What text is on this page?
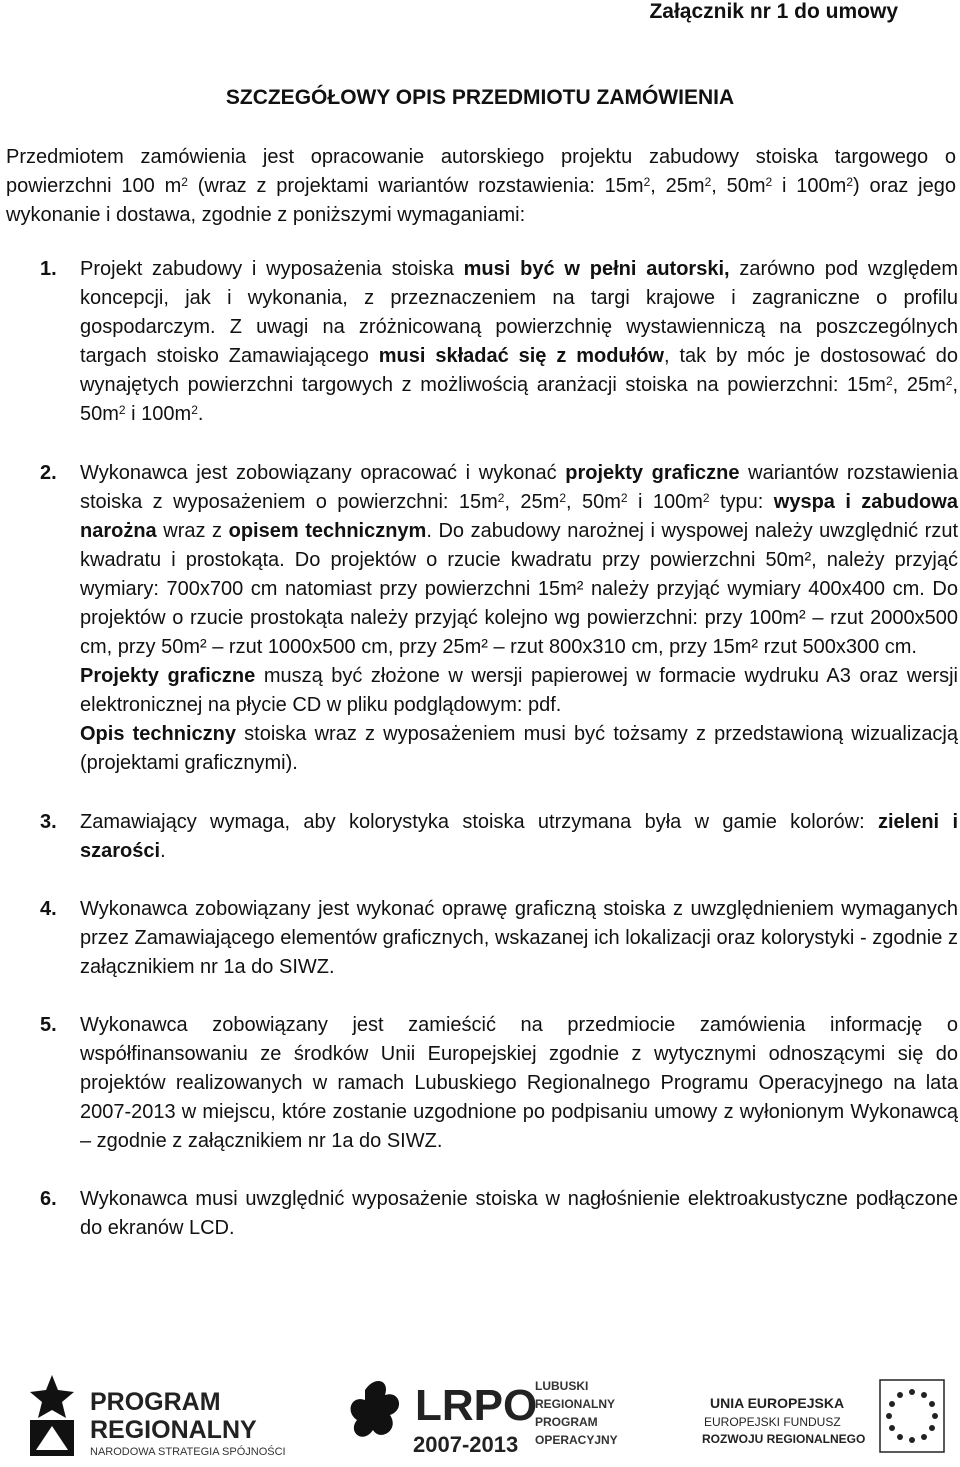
Załącznik nr 1 do umowy
SZCZEGÓŁOWY OPIS PRZEDMIOTU ZAMÓWIENIA
Przedmiotem zamówienia jest opracowanie autorskiego projektu zabudowy stoiska targowego o powierzchni 100 $m^2$ (wraz z projektami wariantów rozstawienia: $15m^2$, $25m^2$, $50m^2$ i $100m^2$) oraz jego wykonanie i dostawa, zgodnie z poniższymi wymaganiami:
1. Projekt zabudowy i wyposażenia stoiska musi być w pełni autorski, zarówno pod względem koncepcji, jak i wykonania, z przeznaczeniem na targi krajowe i zagraniczne o profilu gospodarczym. Z uwagi na zróżnicowaną powierzchnię wystawienniczą na poszczególnych targach stoisko Zamawiającego musi składać się z modułów, tak by móc je dostosować do wynajętych powierzchni targowych z możliwością aranżacji stoiska na powierzchni: $15m^2$, $25m^2$, $50m^2$ i $100m^2$.

2. Wykonawca jest zobowiązany opracować i wykonać projekty graficzne wariantów rozstawienia stoiska z wyposażeniem o powierzchni: $15m^2$, $25m^2$, $50m^2$ i $100m^2$ typu: wyspa i zabudowa narożna wraz z opisem technicznym. Do zabudowy narożnej i wyspowej należy uwzględnić rzut kwadratu i prostokąta. Do projektów o rzucie kwadratu przy powierzchni 50m², należy przyjąć wymiary: 700x700 cm natomiast przy powierzchni 15m² należy przyjąć wymiary 400x400 cm. Do projektów o rzucie prostokąta należy przyjąć kolejno wg powierzchni: przy 100m² – rzut 2000x500 cm, przy 50m² – rzut 1000x500 cm, przy 25m² – rzut 800x310 cm, przy 15m² rzut 500x300 cm.

Projekty graficzne muszą być złożone w wersji papierowej w formacie wydruku A3 oraz wersji elektronicznej na płycie CD w pliku podglądowym: pdf.

Opis techniczny stoiska wraz z wyposażeniem musi być tożsamy z przedstawioną wizualizacją (projektami graficznymi).

3. Zamawiający wymaga, aby kolorystyka stoiska utrzymana była w gamie kolorów: zieleni i szarości.

4. Wykonawca zobowiązany jest wykonać oprawę graficzną stoiska z uwzględnieniem wymaganych przez Zamawiającego elementów graficznych, wskazanej ich lokalizacji oraz kolorystyki - zgodnie z załącznikiem nr 1a do SIWZ.

5. Wykonawca zobowiązany jest zamieścić na przedmiocie zamówienia informację o współfinansowaniu ze środków Unii Europejskiej zgodnie z wytycznymi odnoszącymi się do projektów realizowanych w ramach Lubuskiego Regionalnego Programu Operacyjnego na lata 2007-2013 w miejscu, które zostanie uzgodnione po podpisaniu umowy z wyłonionym Wykonawcą – zgodnie z załącznikiem nr 1a do SIWZ.

6. Wykonawca musi uwzględnić wyposażenie stoiska w nagłośnienie elektroakustyczne podłączone do ekranów LCD.

PROGRAM
REGIONALNY
NARODOWA STRATEGIA SPÓJNOŚCI
LRPO
2007-2013
LUBUSKI
REGIONALNY
PROGRAM
OPERACYJNY
UNIA EUROPEJSKA
EUROPEJSKI FUNDUSZ
ROZWOJU REGIONALNEGO
